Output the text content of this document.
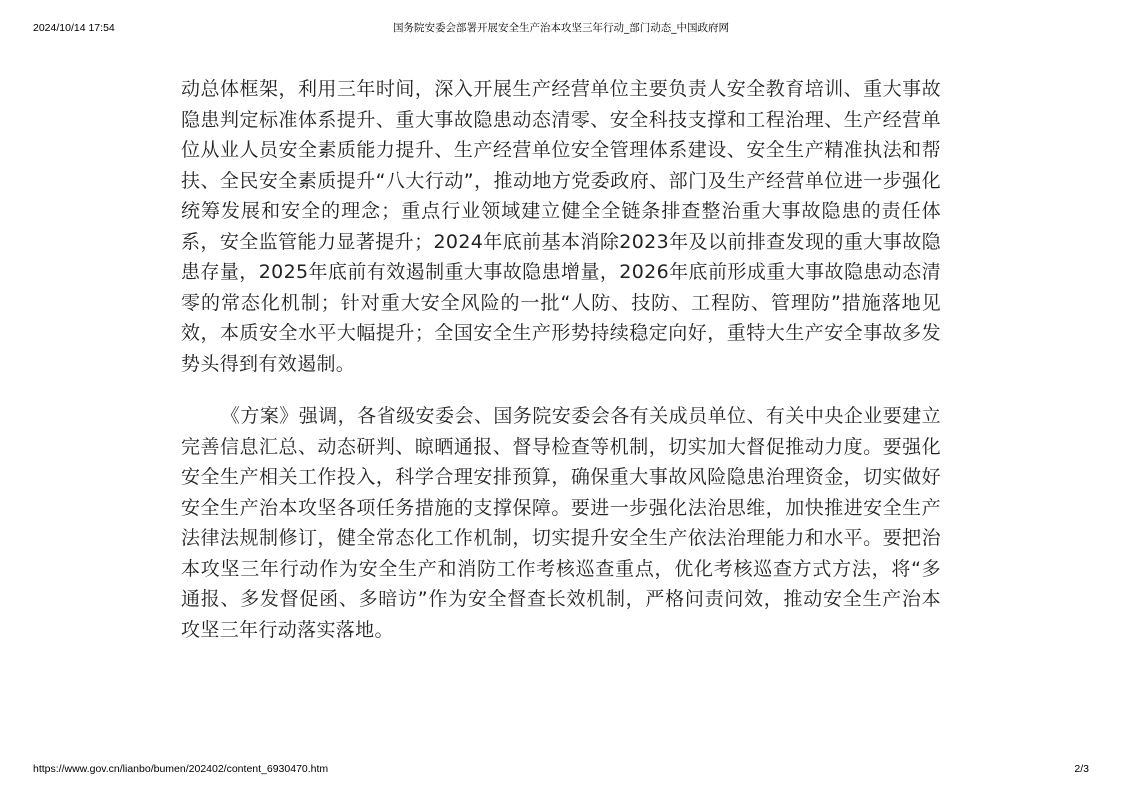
2024/10/14 17:54	国务院安委会部署开展安全生产治本攻坚三年行动_部门动态_中国政府网

动总体框架，利用三年时间，深入开展生产经营单位主要负责人安全教育培训、重大事故隐患判定标准体系提升、重大事故隐患动态清零、安全科技支撑和工程治理、生产经营单位从业人员安全素质能力提升、生产经营单位安全管理体系建设、安全生产精准执法和帮扶、全民安全素质提升“八大行动”，推动地方党委政府、部门及生产经营单位进一步强化统筹发展和安全的理念；重点行业领域建立健全全链条排查整治重大事故隐患的责任体系，安全监管能力显著提升；2024年底前基本消除2023年及以前排查发现的重大事故隐患存量，2025年底前有效遏制重大事故隐患增量，2026年底前形成重大事故隐患动态清零的常态化机制；针对重大安全风险的一批“人防、技防、工程防、管理防”措施落地见效，本质安全水平大幅提升；全国安全生产形势持续稳定向好，重特大生产安全事故多发势头得到有效遏制。

《方案》强调，各省级安委会、国务院安委会各有关成员单位、有关中央企业要建立完善信息汇总、动态研判、晾晒通报、督导检查等机制，切实加大督促推动力度。要强化安全生产相关工作投入，科学合理安排预算，确保重大事故风险隐患治理资金，切实做好安全生产治本攻坚各项任务措施的支撑保障。要进一步强化法治思维，加快推进安全生产法律法规制修订，健全常态化工作机制，切实提升安全生产依法治理能力和水平。要把治本攻坚三年行动作为安全生产和消防工作考核巡查重点，优化考核巡查方式方法，将“多通报、多发督促函、多暗访”作为安全督查长效机制，严格问责问效，推动安全生产治本攻坚三年行动落实落地。

https://www.gov.cn/lianbo/bumen/202402/content_6930470.htm	2/3
